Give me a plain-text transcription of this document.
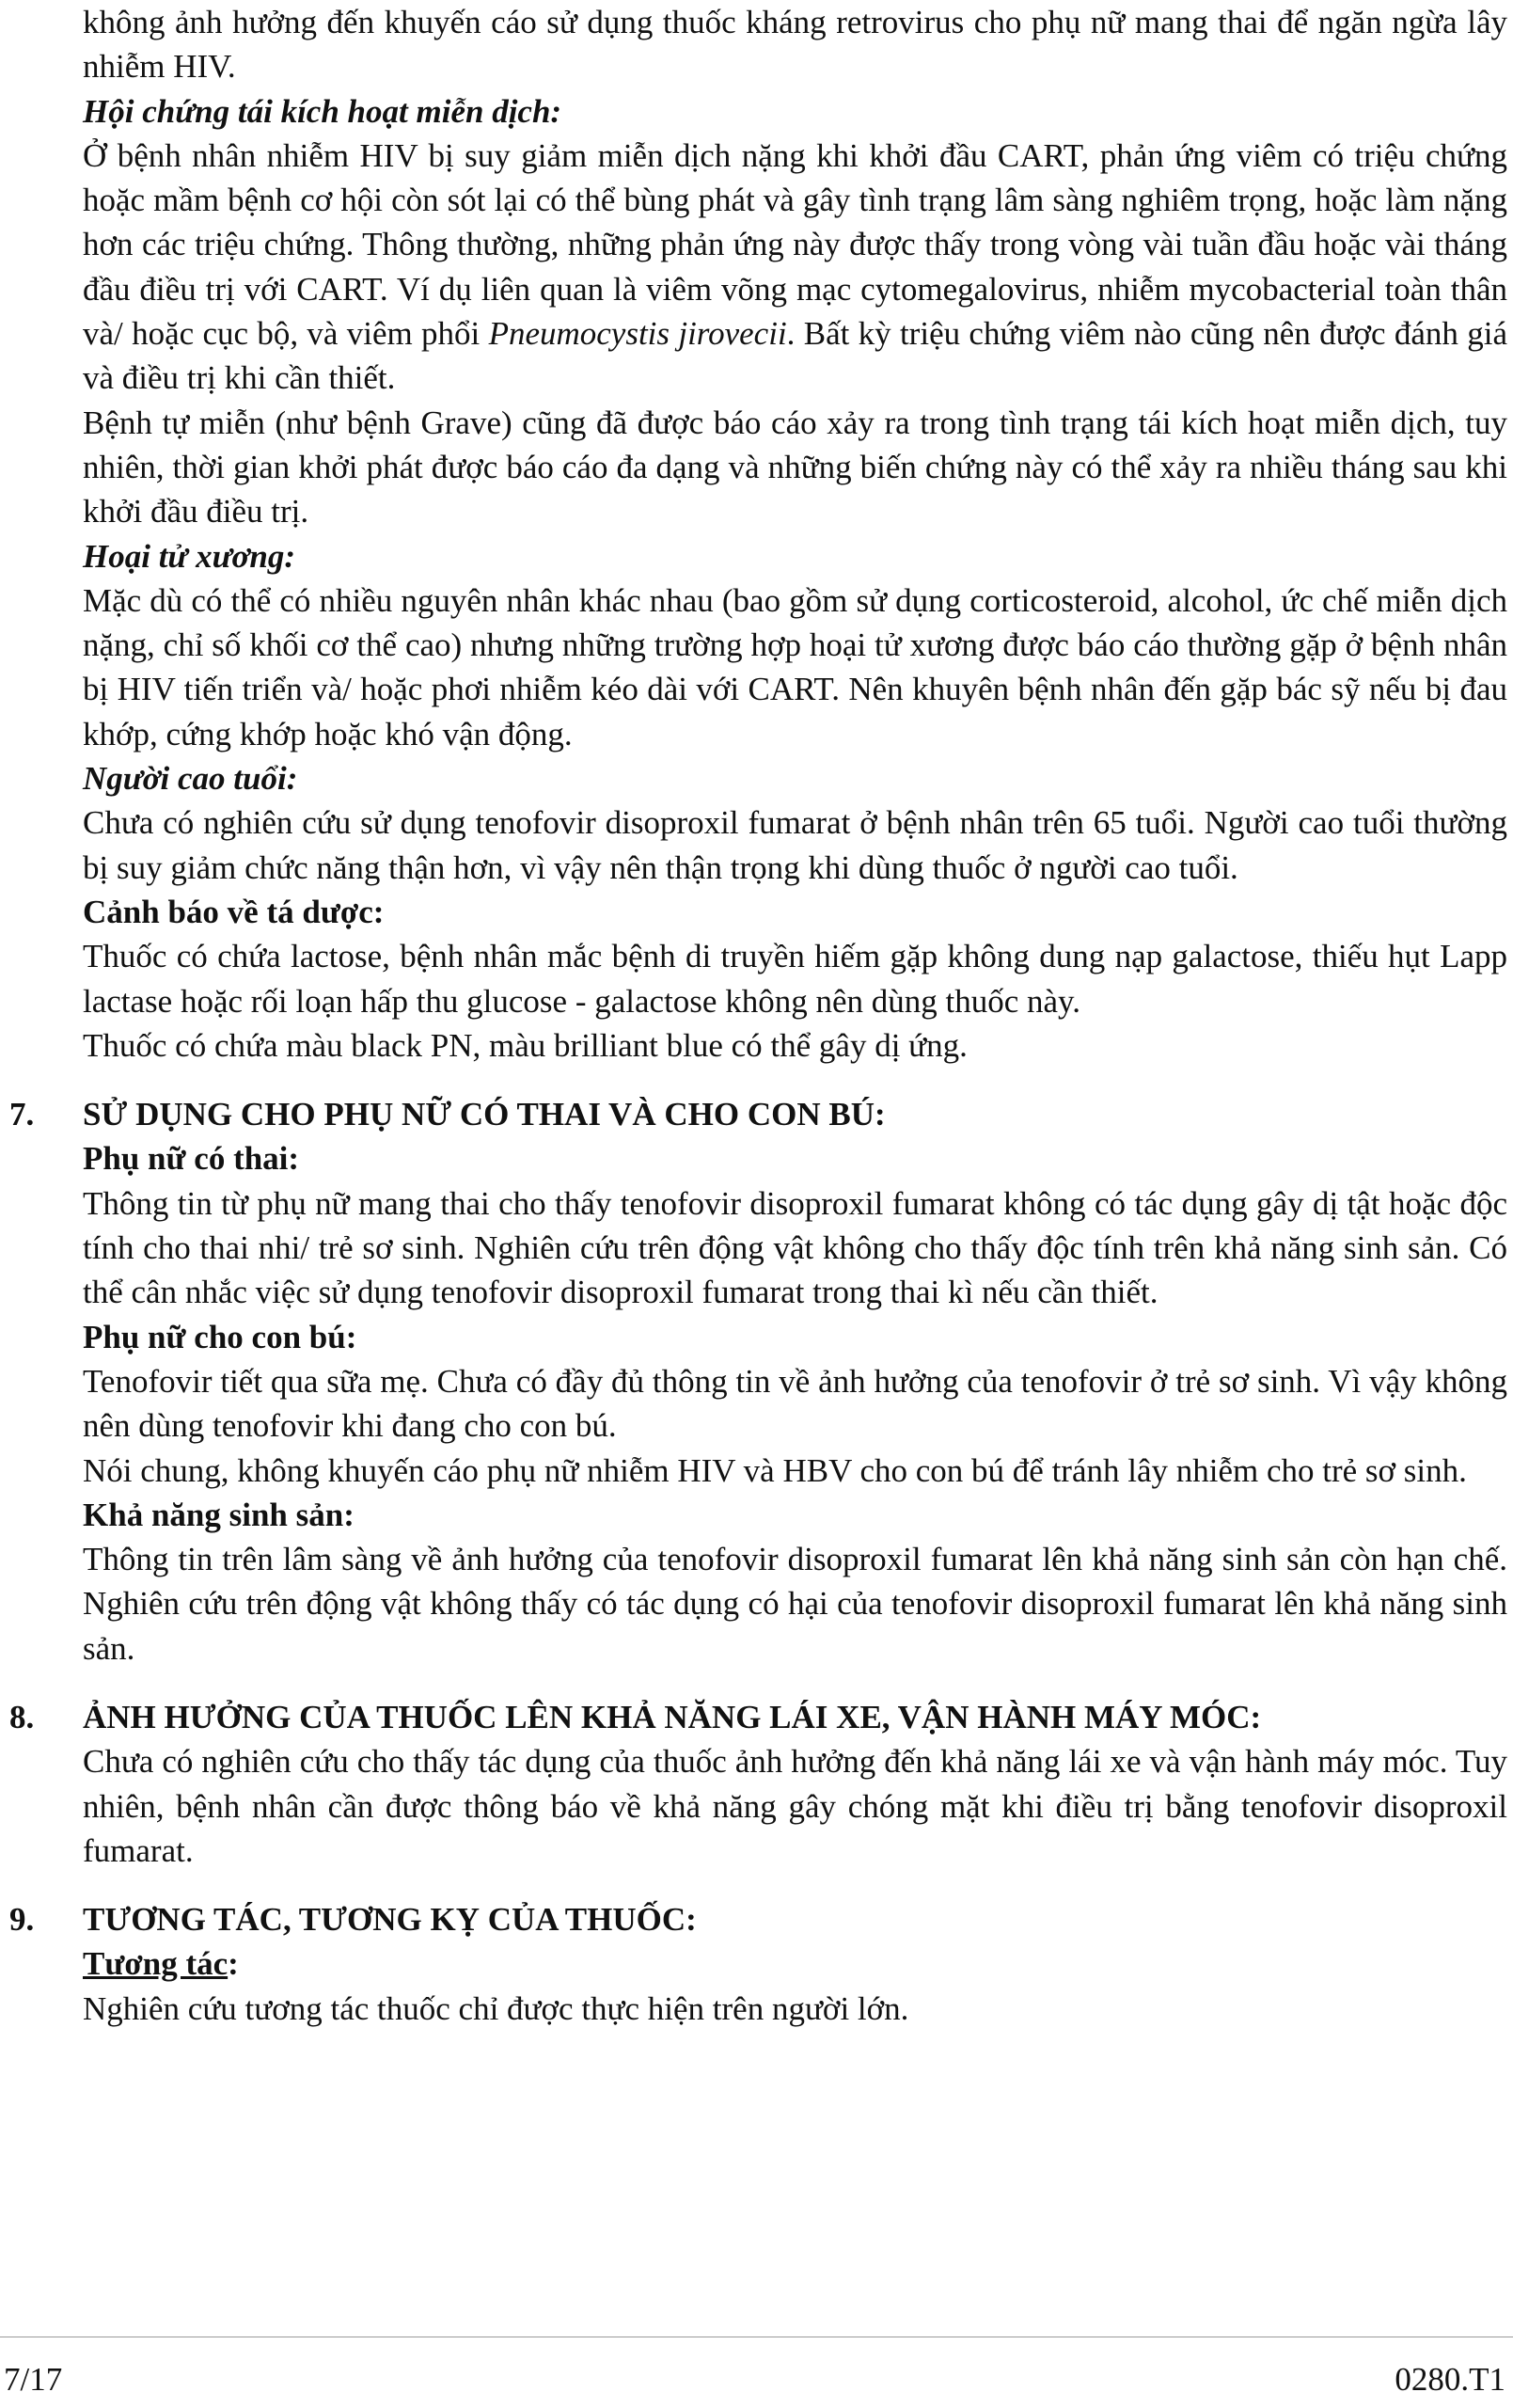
không ảnh hưởng đến khuyến cáo sử dụng thuốc kháng retrovirus cho phụ nữ mang thai để ngăn ngừa lây nhiễm HIV.

Hội chứng tái kích hoạt miễn dịch:

Ở bệnh nhân nhiễm HIV bị suy giảm miễn dịch nặng khi khởi đầu CART, phản ứng viêm có triệu chứng hoặc mầm bệnh cơ hội còn sót lại có thể bùng phát và gây tình trạng lâm sàng nghiêm trọng, hoặc làm nặng hơn các triệu chứng. Thông thường, những phản ứng này được thấy trong vòng vài tuần đầu hoặc vài tháng đầu điều trị với CART. Ví dụ liên quan là viêm võng mạc cytomegalovirus, nhiễm mycobacterial toàn thân và/ hoặc cục bộ, và viêm phổi Pneumocystis jirovecii. Bất kỳ triệu chứng viêm nào cũng nên được đánh giá và điều trị khi cần thiết.

Bệnh tự miễn (như bệnh Grave) cũng đã được báo cáo xảy ra trong tình trạng tái kích hoạt miễn dịch, tuy nhiên, thời gian khởi phát được báo cáo đa dạng và những biến chứng này có thể xảy ra nhiều tháng sau khi khởi đầu điều trị.

Hoại tử xương:

Mặc dù có thể có nhiều nguyên nhân khác nhau (bao gồm sử dụng corticosteroid, alcohol, ức chế miễn dịch nặng, chỉ số khối cơ thể cao) nhưng những trường hợp hoại tử xương được báo cáo thường gặp ở bệnh nhân bị HIV tiến triển và/ hoặc phơi nhiễm kéo dài với CART. Nên khuyên bệnh nhân đến gặp bác sỹ nếu bị đau khớp, cứng khớp hoặc khó vận động.

Người cao tuổi:

Chưa có nghiên cứu sử dụng tenofovir disoproxil fumarat ở bệnh nhân trên 65 tuổi. Người cao tuổi thường bị suy giảm chức năng thận hơn, vì vậy nên thận trọng khi dùng thuốc ở người cao tuổi.

Cảnh báo về tá dược:

Thuốc có chứa lactose, bệnh nhân mắc bệnh di truyền hiếm gặp không dung nạp galactose, thiếu hụt Lapp lactase hoặc rối loạn hấp thu glucose - galactose không nên dùng thuốc này.

Thuốc có chứa màu black PN, màu brilliant blue có thể gây dị ứng.

7. SỬ DỤNG CHO PHỤ NỮ CÓ THAI VÀ CHO CON BÚ:

Phụ nữ có thai:

Thông tin từ phụ nữ mang thai cho thấy tenofovir disoproxil fumarat không có tác dụng gây dị tật hoặc độc tính cho thai nhi/ trẻ sơ sinh. Nghiên cứu trên động vật không cho thấy độc tính trên khả năng sinh sản. Có thể cân nhắc việc sử dụng tenofovir disoproxil fumarat trong thai kì nếu cần thiết.

Phụ nữ cho con bú:

Tenofovir tiết qua sữa mẹ. Chưa có đầy đủ thông tin về ảnh hưởng của tenofovir ở trẻ sơ sinh. Vì vậy không nên dùng tenofovir khi đang cho con bú.

Nói chung, không khuyến cáo phụ nữ nhiễm HIV và HBV cho con bú để tránh lây nhiễm cho trẻ sơ sinh.

Khả năng sinh sản:

Thông tin trên lâm sàng về ảnh hưởng của tenofovir disoproxil fumarat lên khả năng sinh sản còn hạn chế. Nghiên cứu trên động vật không thấy có tác dụng có hại của tenofovir disoproxil fumarat lên khả năng sinh sản.

8. ẢNH HƯỞNG CỦA THUỐC LÊN KHẢ NĂNG LÁI XE, VẬN HÀNH MÁY MÓC:

Chưa có nghiên cứu cho thấy tác dụng của thuốc ảnh hưởng đến khả năng lái xe và vận hành máy móc. Tuy nhiên, bệnh nhân cần được thông báo về khả năng gây chóng mặt khi điều trị bằng tenofovir disoproxil fumarat.

9. TƯƠNG TÁC, TƯƠNG KỴ CỦA THUỐC:

Tương tác:

Nghiên cứu tương tác thuốc chỉ được thực hiện trên người lớn.

7/17	0280.T1
